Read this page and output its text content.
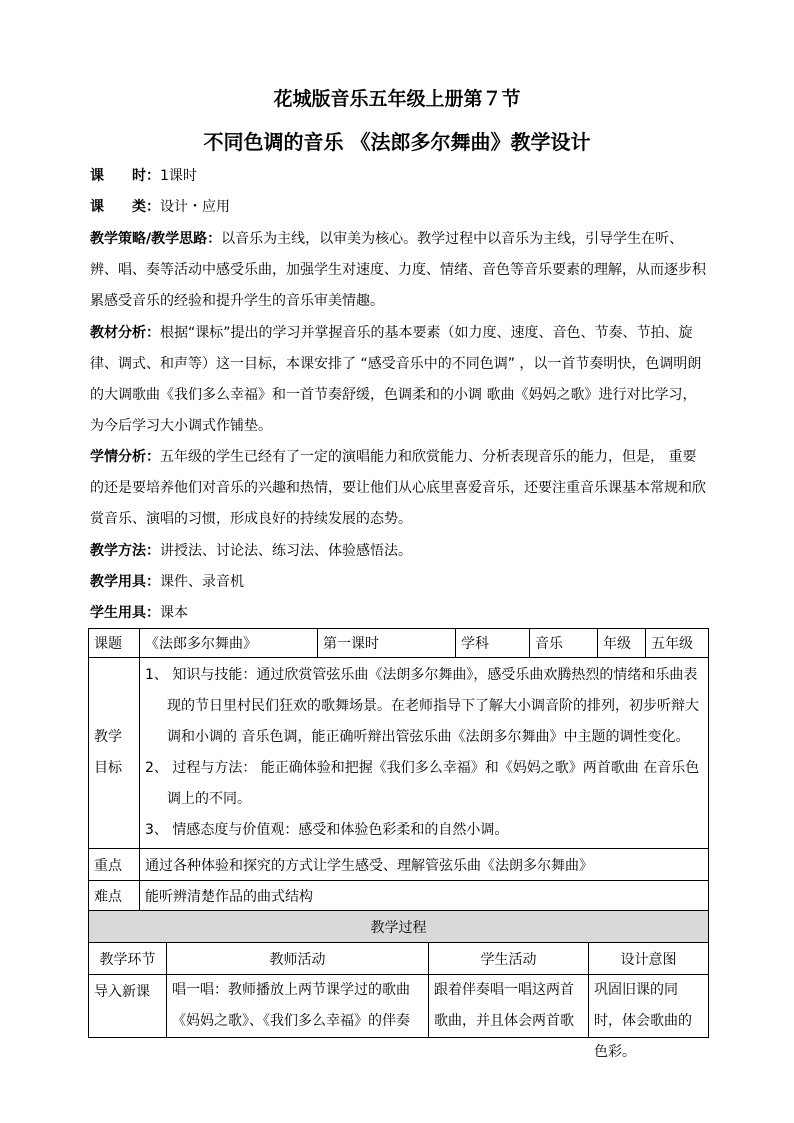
花城版音乐五年级上册第７节
不同色调的音乐 《法郎多尔舞曲》教学设计
课　　时：1课时
课　　类：设计・应用
教学策略/教学思路：以音乐为主线，以审美为核心。教学过程中以音乐为主线，引导学生在听、辨、唱、奏等活动中感受乐曲，加强学生对速度、力度、情绪、音色等音乐要素的理解，从而逐步积累感受音乐的经验和提升学生的音乐审美情趣。
教材分析：根据“课标”提出的学习并掌握音乐的基本要素（如力度、速度、音色、节奏、节拍、旋律、调式、和声等）这一目标，本课安排了 “感受音乐中的不同色调” ，以一首节奏明快，色调明朗的大调歌曲《我们多么幸福》和一首节奏舒缓，色调柔和的小调 歌曲《妈妈之歌》进行对比学习，为今后学习大小调式作铺垫。
学情分析：五年级的学生已经有了一定的演唱能力和欣赏能力、分析表现音乐的能力，但是， 重要的还是要培养他们对音乐的兴趣和热情，要让他们从心底里喜爱音乐，还要注重音乐课基本常规和欣赏音乐、演唱的习惯，形成良好的持续发展的态势。
教学方法：讲授法、讨论法、练习法、体验感悟法。
教学用具：课件、录音机
学生用具：课本
课题	《法郎多尔舞曲》	第一课时	学科	音乐	年级	五年级
教学目标	1、 知识与技能：通过欣赏管弦乐曲《法朗多尔舞曲》，感受乐曲欢腾热烈的情绪和乐曲表现的节日里村民们狂欢的歌舞场景。在老师指导下了解大小调音阶的排列，初步听辩大调和小调的 音乐色调，能正确听辩出管弦乐曲《法朗多尔舞曲》中主题的调性变化。
2、 过程与方法： 能正确体验和把握《我们多么幸福》和《妈妈之歌》两首歌曲 在音乐色调上的不同。
3、 情感态度与价值观：感受和体验色彩柔和的自然小调。					

重点	通过各种体验和探究的方式让学生感受、理解管弦乐曲《法朗多尔舞曲》					
难点	能听辨清楚作品的曲式结构					
教学过程			
教学环节	教师活动	学生活动	设计意图
导入新课	唱一唱：教师播放上两节课学过的歌曲《妈妈之歌》、《我们多么幸福》的伴奏	跟着伴奏唱一唱这两首歌曲，并且体会两首歌	巩固旧课的同时，体会歌曲的色彩。
